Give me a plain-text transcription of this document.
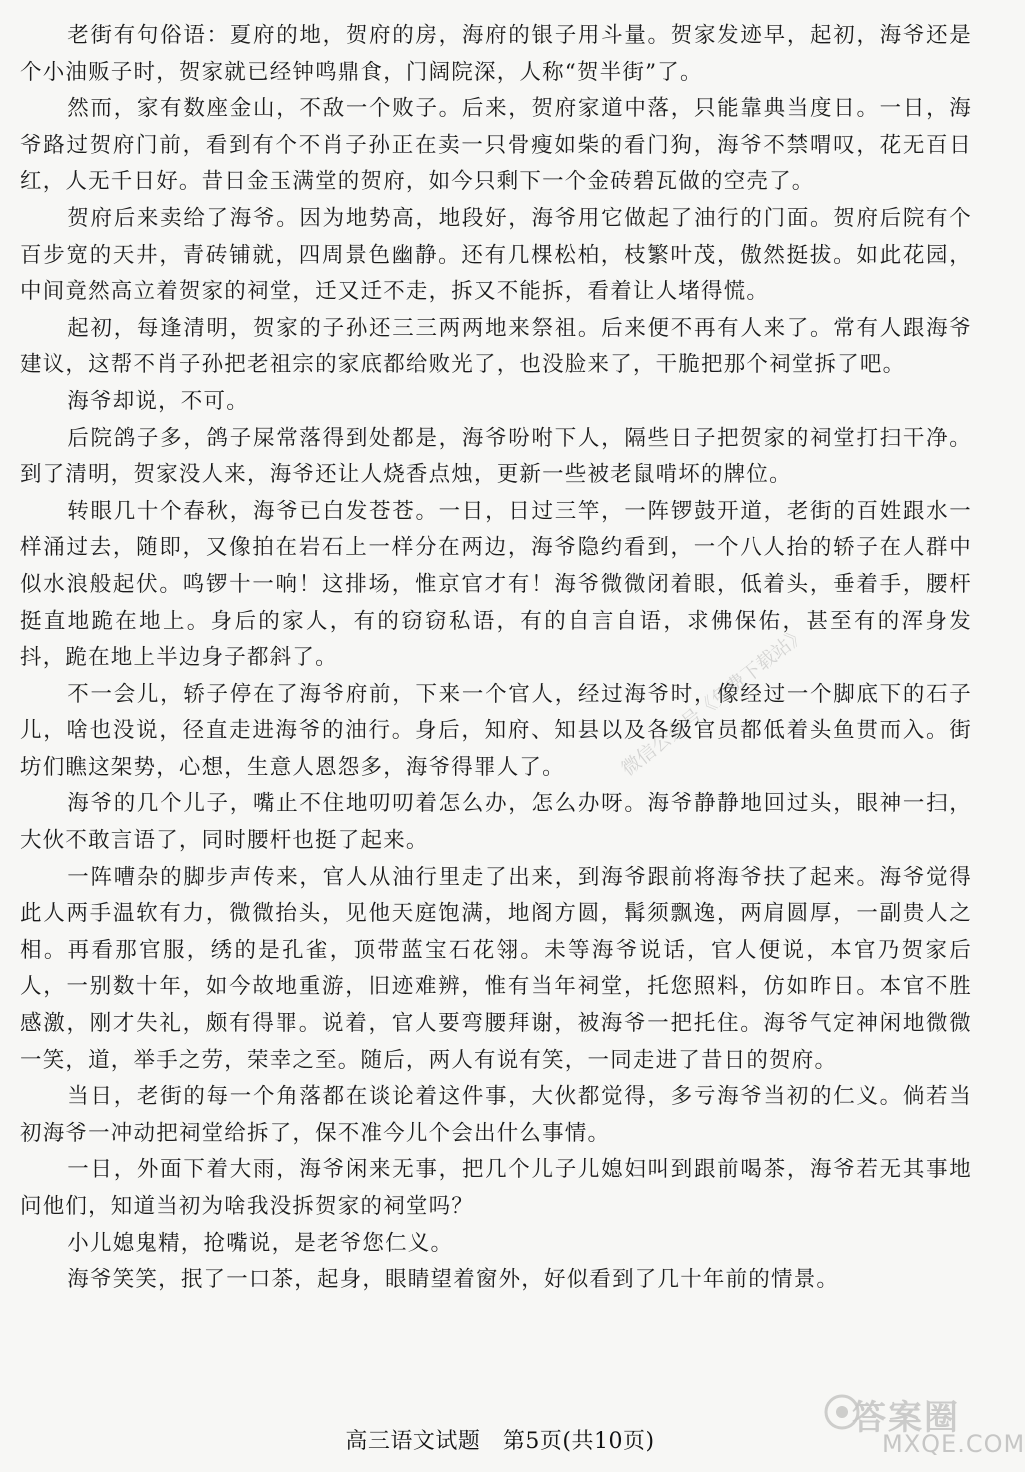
老街有句俗语：夏府的地，贺府的房，海府的银子用斗量。贺家发迹早，起初，海爷还是个小油贩子时，贺家就已经钟鸣鼎食，门阔院深，人称“贺半街”了。

然而，家有数座金山，不敌一个败子。后来，贺府家道中落，只能靠典当度日。一日，海爷路过贺府门前，看到有个不肖子孙正在卖一只骨瘦如柴的看门狗，海爷不禁喟叹，花无百日红，人无千日好。昔日金玉满堂的贺府，如今只剩下一个金砖碧瓦做的空壳了。

贺府后来卖给了海爷。因为地势高，地段好，海爷用它做起了油行的门面。贺府后院有个百步宽的天井，青砖铺就，四周景色幽静。还有几棵松柏，枝繁叶茂，傲然挺拔。如此花园，中间竟然高立着贺家的祠堂，迁又迁不走，拆又不能拆，看着让人堵得慌。

起初，每逢清明，贺家的子孙还三三两两地来祭祖。后来便不再有人来了。常有人跟海爷建议，这帮不肖子孙把老祖宗的家底都给败光了，也没脸来了，干脆把那个祠堂拆了吧。

海爷却说，不可。

后院鸽子多，鸽子屎常落得到处都是，海爷吩咐下人，隔些日子把贺家的祠堂打扫干净。到了清明，贺家没人来，海爷还让人烧香点烛，更新一些被老鼠啃坏的牌位。

转眼几十个春秋，海爷已白发苍苍。一日，日过三竿，一阵锣鼓开道，老街的百姓跟水一样涌过去，随即，又像拍在岩石上一样分在两边，海爷隐约看到，一个八人抬的轿子在人群中似水浪般起伏。鸣锣十一响！这排场，惟京官才有！海爷微微闭着眼，低着头，垂着手，腰杆挺直地跪在地上。身后的家人，有的窃窃私语，有的自言自语，求佛保佑，甚至有的浑身发抖，跪在地上半边身子都斜了。

不一会儿，轿子停在了海爷府前，下来一个官人，经过海爷时，像经过一个脚底下的石子儿，啥也没说，径直走进海爷的油行。身后，知府、知县以及各级官员都低着头鱼贯而入。街坊们瞧这架势，心想，生意人恩怨多，海爷得罪人了。

海爷的几个儿子，嘴止不住地叨叨着怎么办，怎么办呀。海爷静静地回过头，眼神一扫，大伙不敢言语了，同时腰杆也挺了起来。

一阵嘈杂的脚步声传来，官人从油行里走了出来，到海爷跟前将海爷扶了起来。海爷觉得此人两手温软有力，微微抬头，见他天庭饱满，地阁方圆，髯须飘逸，两肩圆厚，一副贵人之相。再看那官服，绣的是孔雀，顶带蓝宝石花翎。未等海爷说话，官人便说，本官乃贺家后人，一别数十年，如今故地重游，旧迹难辨，惟有当年祠堂，托您照料，仿如昨日。本官不胜感激，刚才失礼，颇有得罪。说着，官人要弯腰拜谢，被海爷一把托住。海爷气定神闲地微微一笑，道，举手之劳，荣幸之至。随后，两人有说有笑，一同走进了昔日的贺府。

当日，老街的每一个角落都在谈论着这件事，大伙都觉得，多亏海爷当初的仁义。倘若当初海爷一冲动把祠堂给拆了，保不准今儿个会出什么事情。

一日，外面下着大雨，海爷闲来无事，把几个儿子儿媳妇叫到跟前喝茶，海爷若无其事地问他们，知道当初为啥我没拆贺家的祠堂吗？

小儿媳鬼精，抢嘴说，是老爷您仁义。

海爷笑笑，抿了一口茶，起身，眼睛望着窗外，好似看到了几十年前的情景。

微信公众号《免费下载站》
高三语文试题　第5页(共10页)
答案圈
MXQE.COM
